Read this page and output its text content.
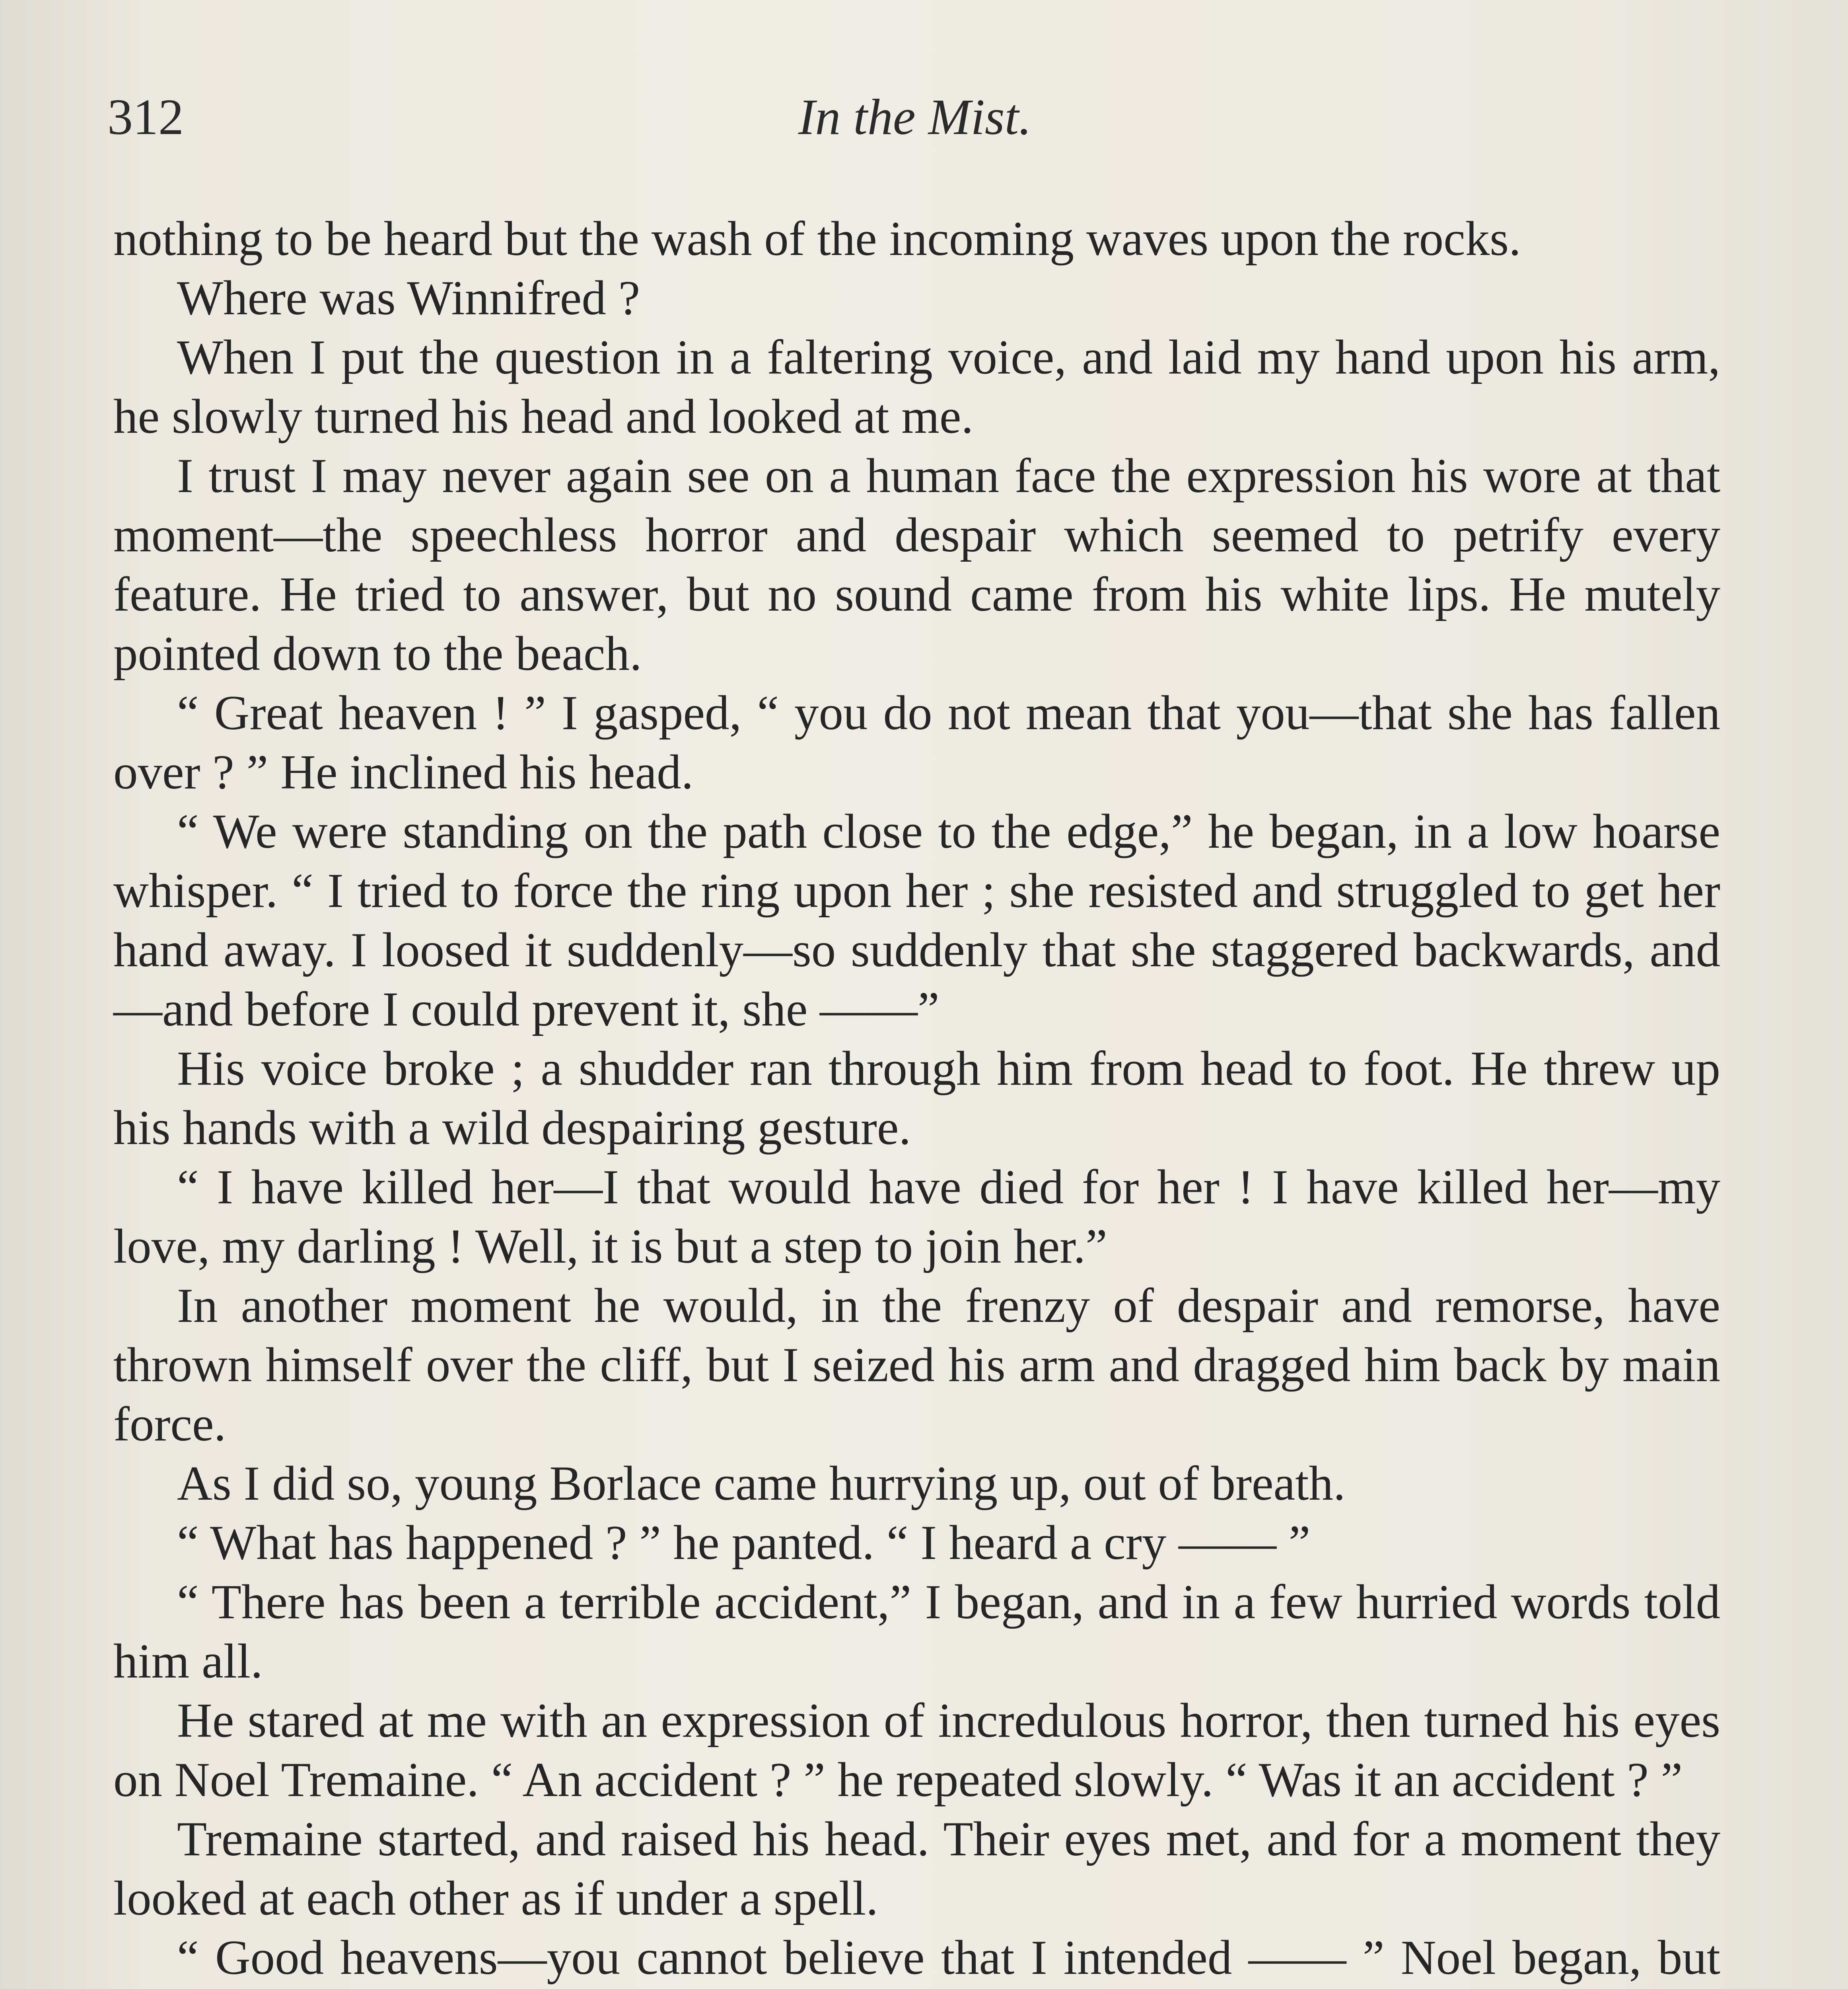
312	In the Mist.

nothing to be heard but the wash of the incoming waves upon the rocks.

Where was Winnifred ?

When I put the question in a faltering voice, and laid my hand upon his arm, he slowly turned his head and looked at me.

I trust I may never again see on a human face the expression his wore at that moment—the speechless horror and despair which seemed to petrify every feature. He tried to answer, but no sound came from his white lips. He mutely pointed down to the beach.

“ Great heaven ! ” I gasped, “ you do not mean that you—that she has fallen over ? ” He inclined his head.

“ We were standing on the path close to the edge,” he began, in a low hoarse whisper. “ I tried to force the ring upon her ; she resisted and struggled to get her hand away. I loosed it suddenly—so suddenly that she staggered backwards, and—and before I could prevent it, she ——”

His voice broke ; a shudder ran through him from head to foot. He threw up his hands with a wild despairing gesture.

“ I have killed her—I that would have died for her ! I have killed her—my love, my darling ! Well, it is but a step to join her.”

In another moment he would, in the frenzy of despair and remorse, have thrown himself over the cliff, but I seized his arm and dragged him back by main force.

As I did so, young Borlace came hurrying up, out of breath.

“ What has happened ? ” he panted. “ I heard a cry —— ”

“ There has been a terrible accident,” I began, and in a few hurried words told him all.

He stared at me with an expression of incredulous horror, then turned his eyes on Noel Tremaine. “ An accident ? ” he repeated slowly. “ Was it an accident ? ”

Tremaine started, and raised his head. Their eyes met, and for a moment they looked at each other as if under a spell.

“ Good heavens—you cannot believe that I intended —— ” Noel began, but
